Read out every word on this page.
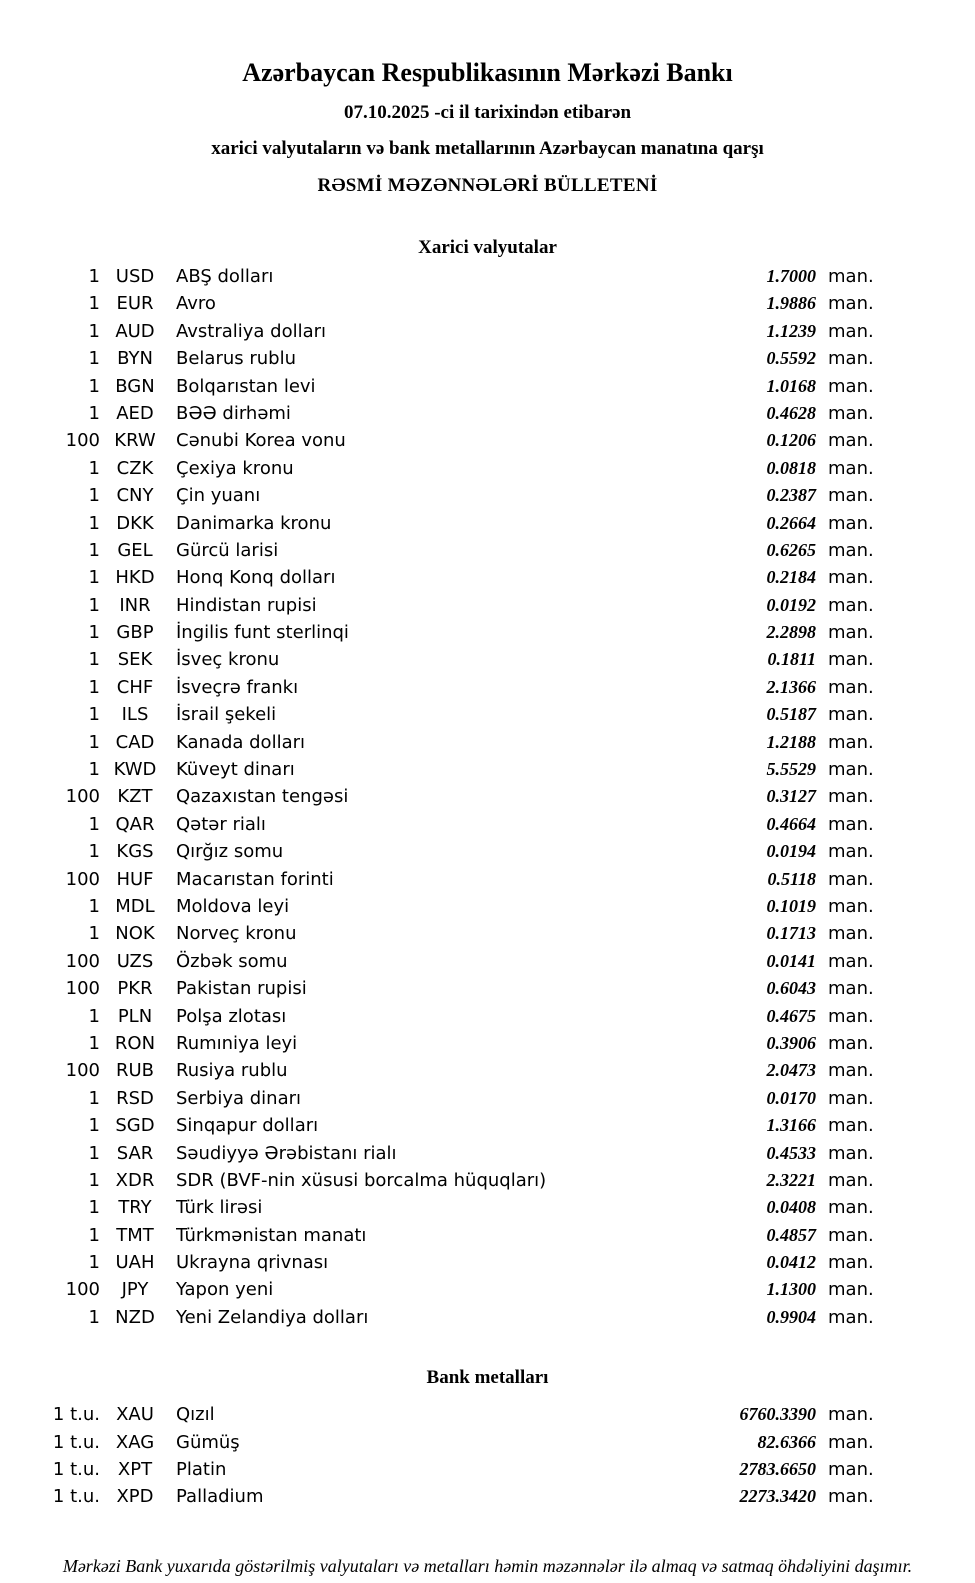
Azərbaycan Respublikasının Mərkəzi Bankı
07.10.2025 -ci il tarixindən etibarən
xarici valyutaların və bank metallarının Azərbaycan manatına qarşı
RƏSMİ MƏZƏNNƏLƏRİ BÜLLETENİ
Xarici valyutalar
1 USD	ABŞ dolları	1.7000 man.
1 EUR	Avro	1.9886 man.
1 AUD	Avstraliya dolları	1.1239 man.
1 BYN	Belarus rublu	0.5592 man.
1 BGN	Bolqarıstan levi	1.0168 man.
1 AED	BƏƏ dirhəmi	0.4628 man.
100 KRW	Cənubi Korea vonu	0.1206 man.
1 CZK	Çexiya kronu	0.0818 man.
1 CNY	Çin yuanı	0.2387 man.
1 DKK	Danimarka kronu	0.2664 man.
1 GEL	Gürcü larisi	0.6265 man.
1 HKD	Honq Konq dolları	0.2184 man.
1	INR	Hindistan rupisi	0.0192 man.
1 GBP	İngilis funt sterlinqi	2.2898 man.
1 SEK	İsveç kronu	0.1811 man.
1 CHF	İsveçrə frankı	2.1366 man.
1	ILS	İsrail şekeli	0.5187 man.
1 CAD	Kanada dolları	1.2188 man.
1 KWD	Küveyt dinarı	5.5529 man.
100 KZT	Qazaxıstan tengəsi	0.3127 man.
1 QAR	Qətər rialı	0.4664 man.
1 KGS	Qırğız somu	0.0194 man.
100 HUF	Macarıstan forinti	0.5118 man.
1 MDL	Moldova leyi	0.1019 man.
1 NOK	Norveç kronu	0.1713 man.
100 UZS	Özbək somu	0.0141 man.
100 PKR	Pakistan rupisi	0.6043 man.
1 PLN	Polşa zlotası	0.4675 man.
1 RON	Rumıniya leyi	0.3906 man.
100 RUB	Rusiya rublu	2.0473 man.
1 RSD	Serbiya dinarı	0.0170 man.
1 SGD	Sinqapur dolları	1.3166 man.
1 SAR	Səudiyyə Ərəbistanı rialı	0.4533 man.
1 XDR	SDR (BVF-nin xüsusi borcalma hüquqları)	2.3221 man.
1	TRY	Türk lirəsi	0.0408 man.
1 TMT	Türkmənistan manatı	0.4857 man.
1 UAH	Ukrayna qrivnası	0.0412 man.
100	JPY	Yapon yeni	1.1300 man.
1 NZD	Yeni Zelandiya dolları	0.9904 man.
Bank metalları
1 t.u. XAU	Qızıl	6760.3390 man.
1 t.u. XAG	Gümüş	82.6366 man.
1 t.u. XPT	Platin	2783.6650 man.
1 t.u. XPD	Palladium	2273.3420 man.
Mərkəzi Bank yuxarıda göstərilmiş valyutaları və metalları həmin məzənnələr ilə almaq və satmaq öhdəliyini daşımır.
